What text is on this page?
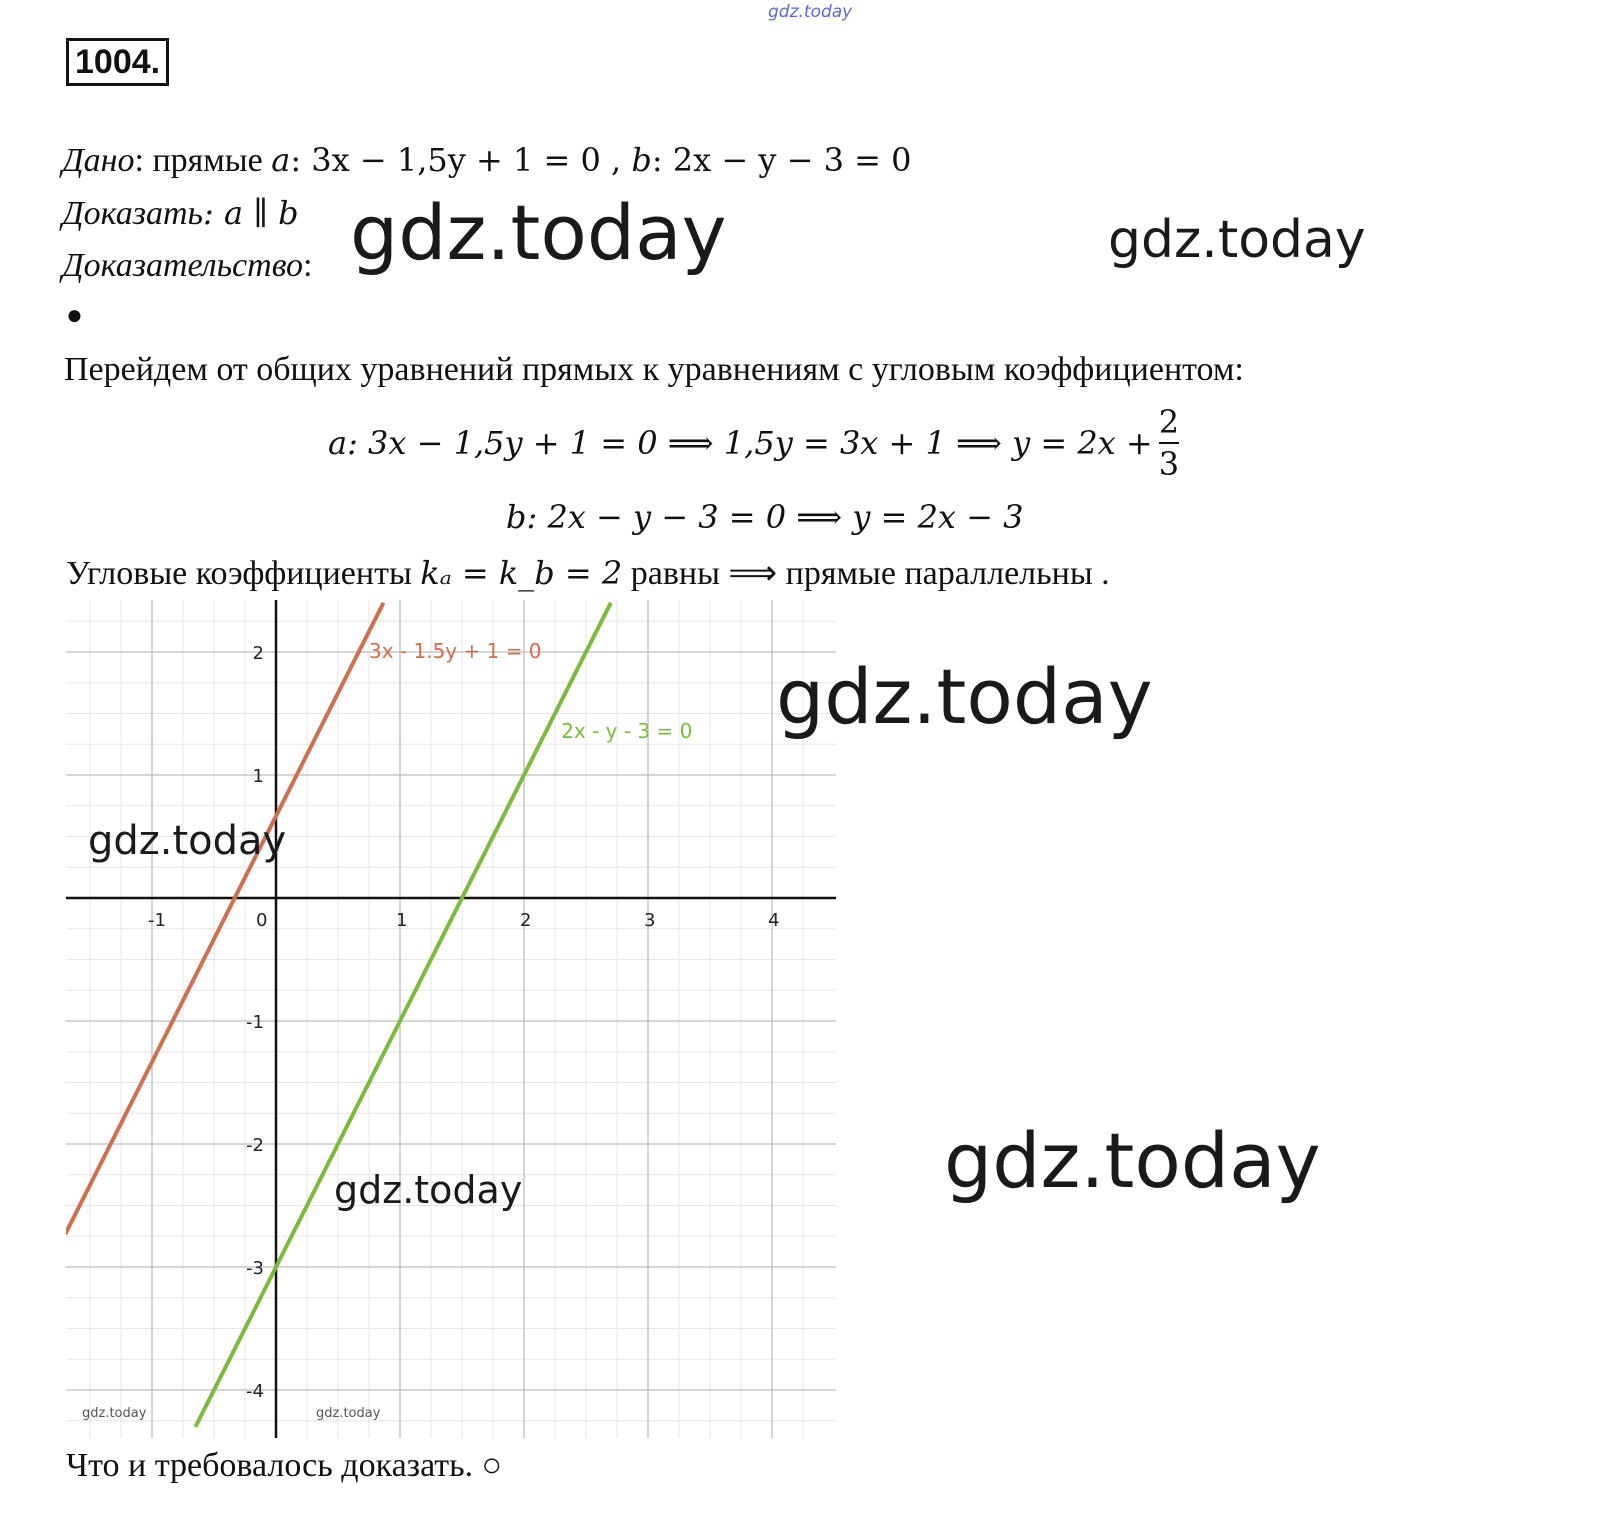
gdz.today
1004.
Дано: прямые a: 3x − 1,5y + 1 = 0 , b: 2x − y − 3 = 0
Доказать: a ∥ b
Доказательство:
●
Перейдем от общих уравнений прямых к уравнениям с угловым коэффициентом:
a: 3x − 1,5y + 1 = 0 ⟹ 1,5y = 3x + 1 ⟹ $y = 2x + \frac{2}{3}$
b: 2x − y − 3 = 0 ⟹ y = 2x − 3
Угловые коэффициенты kₐ = k_b = 2 равны ⟹ прямые параллельны .
-1	0	1	2	3	4
2
1
-1
-2
-3
-4
3x - 1.5y + 1 = 0
2x - y - 3 = 0
gdz.today	gdz.today
gdz.today
gdz.today
gdz.today
gdz.today
gdz.today	gdz.today
Что и требовалось доказать. ○
